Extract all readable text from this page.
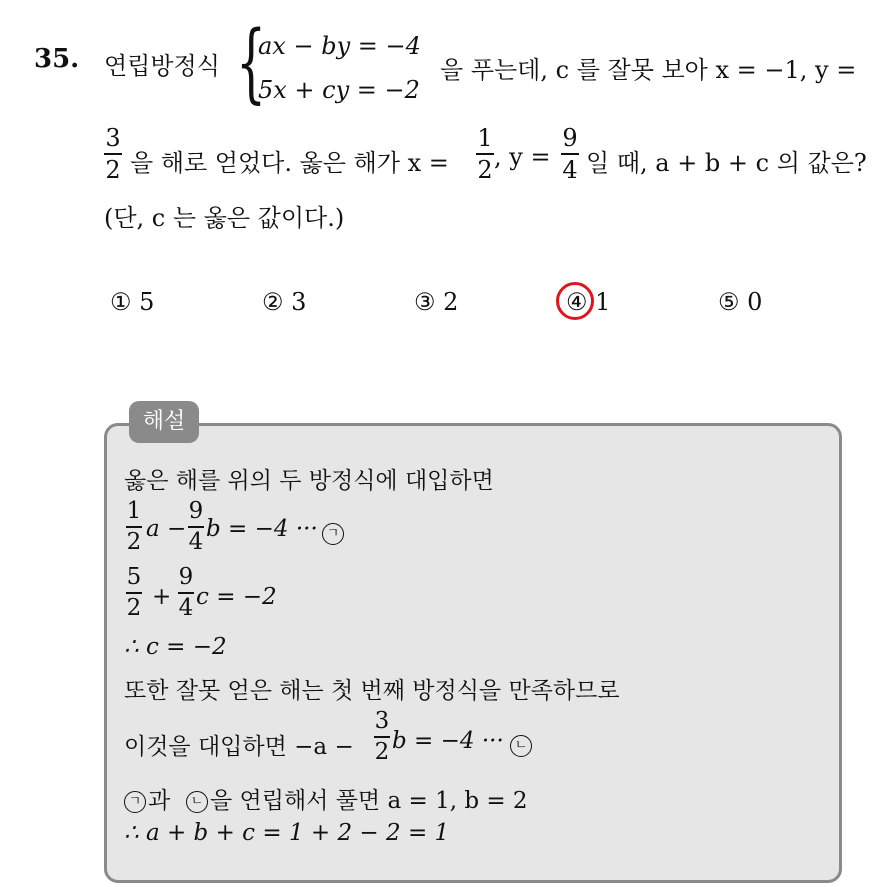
35. 연립방정식 {
ax − by = −4
5x + cy = −2
을 푸는데, c 를 잘못 보아 x = −1, y =
3
2 을 해로 얻었다. 옳은 해가 x =
1
2 , y =
9
4 일 때, a + b + c 의 값은?
(단, c 는 옳은 값이다.)
① 5	② 3	③ 2	④ 1	⑤ 0
해설
옳은 해를 위의 두 방정식에 대입하면
1
2 a −
9
4 b = −4 ··· ㄱ
5
2 +
9
4 c = −2
∴ c = −2
또한 잘못 얻은 해는 첫 번째 방정식을 만족하므로
이것을 대입하면 −a −
3
2 b = −4 ··· ㄴ
ㄱ 과	ㄴ 을 연립해서 풀면 a = 1, b = 2
∴ a + b + c = 1 + 2 − 2 = 1
